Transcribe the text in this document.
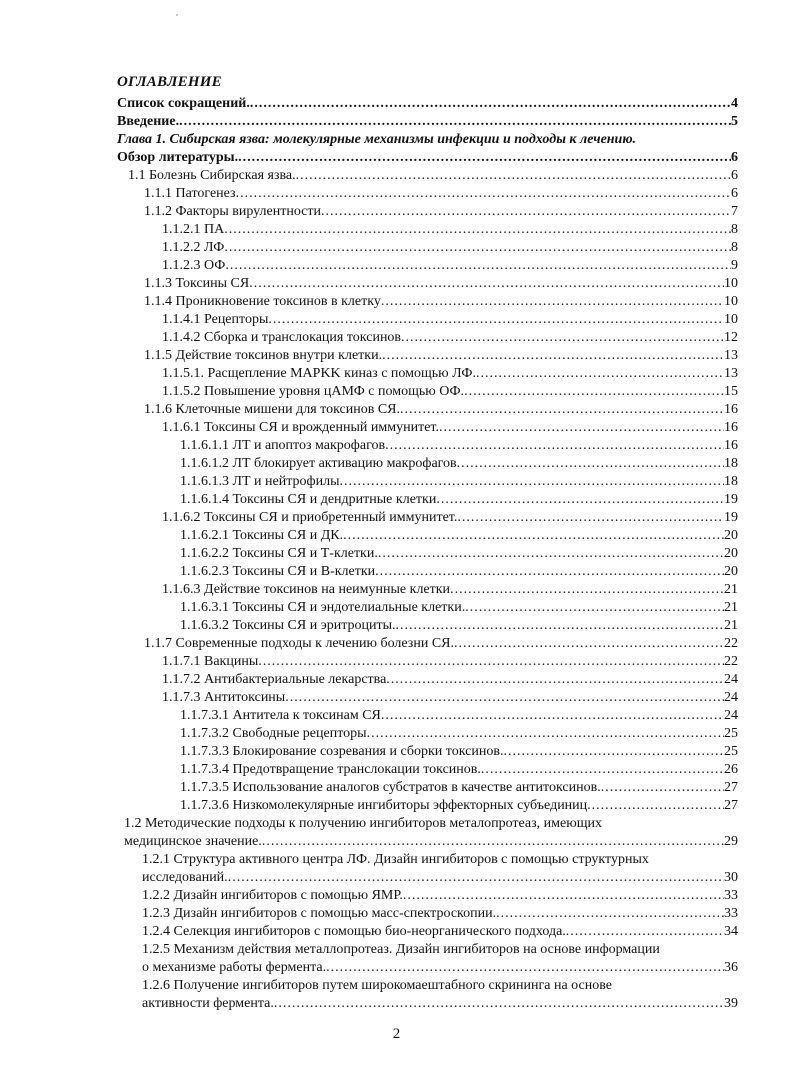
ОГЛАВЛЕНИЕ
Список сокращений. .....	4
Введение. .....	5
Глава 1. Сибирская язва: молекулярные механизмы инфекции и подходы к лечению.
Обзор литературы. .....	6
1.1 Болезнь Сибирская язва. .....	6
1.1.1 Патогенез .....	6
1.1.2 Факторы вирулентности .....	7
1.1.2.1 ПА .....	8
1.1.2.2 ЛФ .....	8
1.1.2.3 ОФ .....	9
1.1.3 Токсины СЯ .....	10
1.1.4 Проникновение токсинов в клетку .....	10
1.1.4.1 Рецепторы .....	10
1.1.4.2 Сборка и транслокация токсинов .....	12
1.1.5 Действие токсинов внутри клетки. .....	13
1.1.5.1. Расщепление MAPKK киназ с помощью ЛФ. .....	13
1.1.5.2 Повышение уровня цАМФ с помощью ОФ. .....	15
1.1.6 Клеточные мишени для токсинов СЯ. .....	16
1.1.6.1 Токсины СЯ и врожденный иммунитет. .....	16
1.1.6.1.1 ЛТ и апоптоз макрофагов .....	16
1.1.6.1.2 ЛТ блокирует активацию макрофагов .....	18
1.1.6.1.3 ЛТ и нейтрофилы .....	18
1.1.6.1.4 Токсины СЯ и дендритные клетки .....	19
1.1.6.2 Токсины СЯ и приобретенный иммунитет. .....	19
1.1.6.2.1 Токсины СЯ и ДК. .....	20
1.1.6.2.2 Токсины СЯ и Т-клетки. .....	20
1.1.6.2.3 Токсины СЯ и В-клетки .....	20
1.1.6.3 Действие токсинов на неимунные клетки .....	21
1.1.6.3.1 Токсины СЯ и эндотелиальные клетки. .....	21
1.1.6.3.2 Токсины СЯ и эритроциты. .....	21
1.1.7 Современные подходы к лечению болезни СЯ. .....	22
1.1.7.1 Вакцины .....	22
1.1.7.2 Антибактериальные лекарства .....	24
1.1.7.3 Антитоксины .....	24
1.1.7.3.1 Антитела к токсинам СЯ .....	24
1.1.7.3.2 Свободные рецепторы .....	25
1.1.7.3.3 Блокирование созревания и сборки токсинов. .....	25
1.1.7.3.4 Предотвращение транслокации токсинов. .....	26
1.1.7.3.5 Использование аналогов субстратов в качестве антитоксинов. .....	27
1.1.7.3.6 Низкомолекулярные ингибиторы эффекторных субъединиц .....	27
1.2 Методические подходы к получению ингибиторов металопротеаз, имеющих
медицинское значение. .....	29
1.2.1 Структура активного центра ЛФ. Дизайн ингибиторов с помощью структурных
исследований. .....	30
1.2.2 Дизайн ингибиторов с помощью ЯМР. .....	33
1.2.3 Дизайн ингибиторов с помощью масс-спектроскопии. .....	33
1.2.4 Селекция ингибиторов с помощью био-неорганического подхода. .....	34
1.2.5 Механизм действия металлопротеаз. Дизайн ингибиторов на основе информации
о механизме работы фермента. .....	36
1.2.6 Получение ингибиторов путем широкомаештабного скрининга на основе
активности фермента. .....	39
2
